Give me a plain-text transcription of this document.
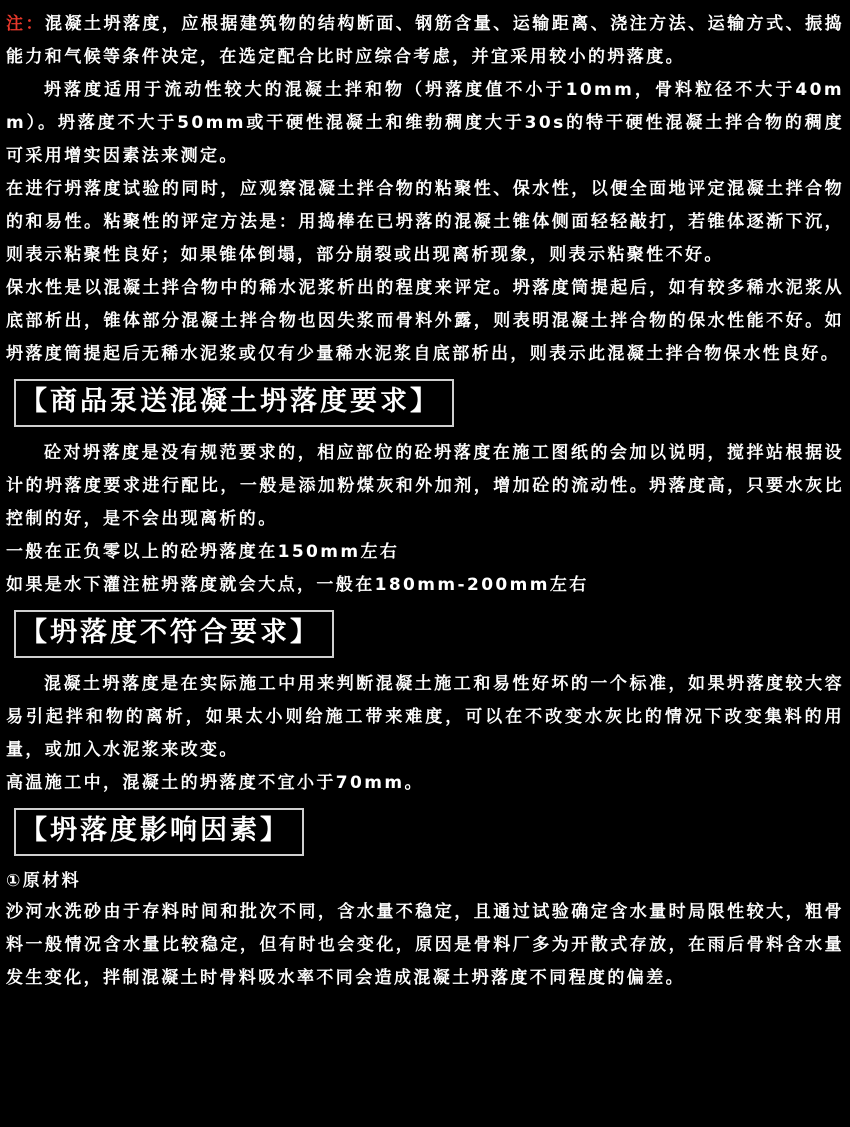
注：混凝土坍落度，应根据建筑物的结构断面、钢筋含量、运输距离、浇注方法、运输方式、振捣能力和气候等条件决定，在选定配合比时应综合考虑，并宜采用较小的坍落度。

坍落度适用于流动性较大的混凝土拌和物（坍落度值不小于10mm，骨料粒径不大于40mm）。坍落度不大于50mm或干硬性混凝土和维勃稠度大于30s的特干硬性混凝土拌合物的稠度可采用增实因素法来测定。

在进行坍落度试验的同时，应观察混凝土拌合物的粘聚性、保水性，以便全面地评定混凝土拌合物的和易性。粘聚性的评定方法是：用捣棒在已坍落的混凝土锥体侧面轻轻敲打，若锥体逐渐下沉，则表示粘聚性良好；如果锥体倒塌，部分崩裂或出现离析现象，则表示粘聚性不好。

保水性是以混凝土拌合物中的稀水泥浆析出的程度来评定。坍落度筒提起后，如有较多稀水泥浆从底部析出，锥体部分混凝土拌合物也因失浆而骨料外露，则表明混凝土拌合物的保水性能不好。如坍落度筒提起后无稀水泥浆或仅有少量稀水泥浆自底部析出，则表示此混凝土拌合物保水性良好。

【商品泵送混凝土坍落度要求】

砼对坍落度是没有规范要求的，相应部位的砼坍落度在施工图纸的会加以说明，搅拌站根据设计的坍落度要求进行配比，一般是添加粉煤灰和外加剂，增加砼的流动性。坍落度高，只要水灰比控制的好，是不会出现离析的。

一般在正负零以上的砼坍落度在150mm左右

如果是水下灌注桩坍落度就会大点，一般在180mm-200mm左右

【坍落度不符合要求】

混凝土坍落度是在实际施工中用来判断混凝土施工和易性好坏的一个标准，如果坍落度较大容易引起拌和物的离析，如果太小则给施工带来难度，可以在不改变水灰比的情况下改变集料的用量，或加入水泥浆来改变。

高温施工中，混凝土的坍落度不宜小于70mm。

【坍落度影响因素】

①原材料

沙河水洗砂由于存料时间和批次不同，含水量不稳定，且通过试验确定含水量时局限性较大，粗骨料一般情况含水量比较稳定，但有时也会变化，原因是骨料厂多为开散式存放，在雨后骨料含水量发生变化，拌制混凝土时骨料吸水率不同会造成混凝土坍落度不同程度的偏差。
